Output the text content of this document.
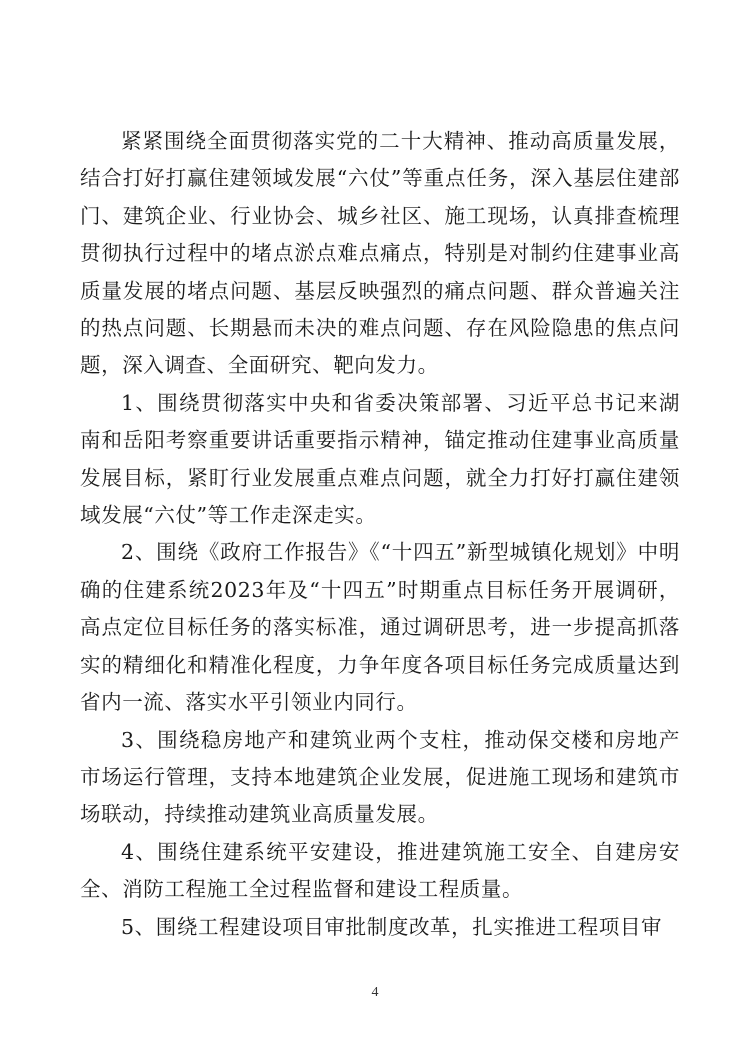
紧紧围绕全面贯彻落实党的二十大精神、推动高质量发展，结合打好打赢住建领域发展“六仗”等重点任务，深入基层住建部门、建筑企业、行业协会、城乡社区、施工现场，认真排查梳理贯彻执行过程中的堵点淤点难点痛点，特别是对制约住建事业高质量发展的堵点问题、基层反映强烈的痛点问题、群众普遍关注的热点问题、长期悬而未决的难点问题、存在风险隐患的焦点问题，深入调查、全面研究、靶向发力。

1、围绕贯彻落实中央和省委决策部署、习近平总书记来湖南和岳阳考察重要讲话重要指示精神，锚定推动住建事业高质量发展目标，紧盯行业发展重点难点问题，就全力打好打赢住建领域发展“六仗”等工作走深走实。

2、围绕《政府工作报告》《“十四五”新型城镇化规划》中明确的住建系统2023年及“十四五”时期重点目标任务开展调研，高点定位目标任务的落实标准，通过调研思考，进一步提高抓落实的精细化和精准化程度，力争年度各项目标任务完成质量达到省内一流、落实水平引领业内同行。

3、围绕稳房地产和建筑业两个支柱，推动保交楼和房地产市场运行管理，支持本地建筑企业发展，促进施工现场和建筑市场联动，持续推动建筑业高质量发展。

4、围绕住建系统平安建设，推进建筑施工安全、自建房安全、消防工程施工全过程监督和建设工程质量。

5、围绕工程建设项目审批制度改革，扎实推进工程项目审

4
